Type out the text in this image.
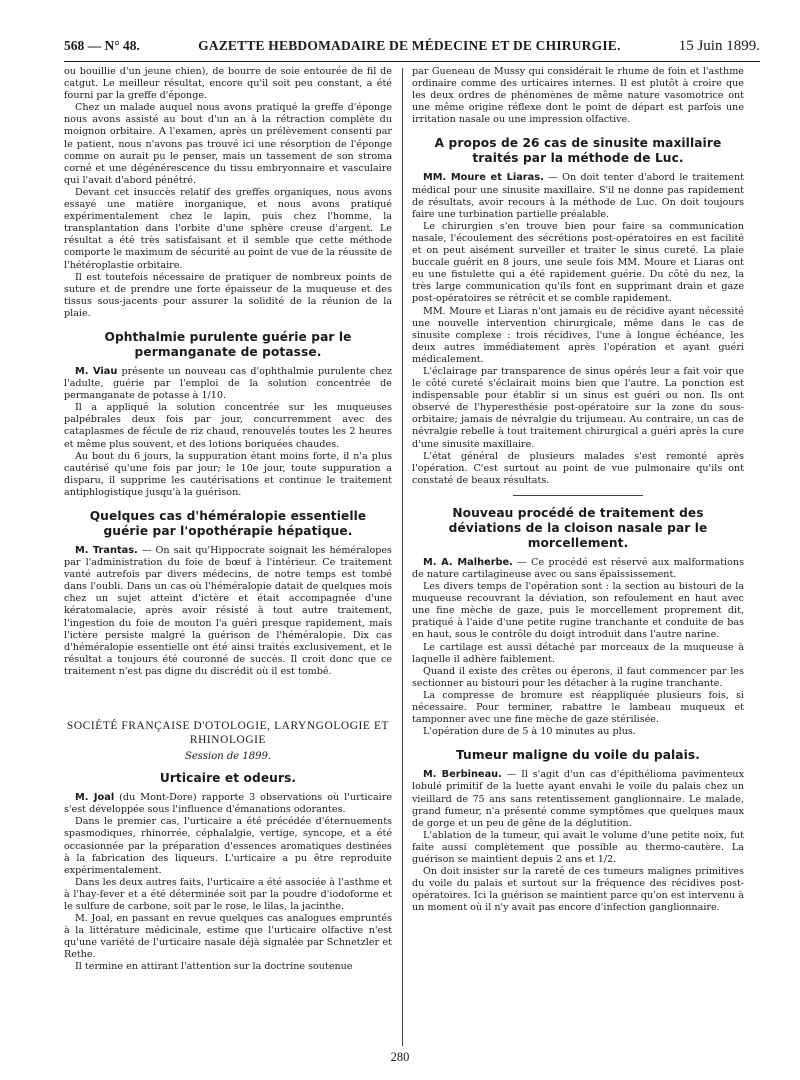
568 — N° 48.	GAZETTE HEBDOMADAIRE DE MÉDECINE ET DE CHIRURGIE.	15 Juin 1899.

ou bouillie d'un jeune chien), de bourre de soie entourée de fil de catgut. Le meilleur résultat, encore qu'il soit peu constant, a été fourni par la greffe d'éponge.

Chez un malade auquel nous avons pratiqué la greffe d'éponge nous avons assisté au bout d'un an à la rétraction complète du moignon orbitaire. A l'examen, après un prélèvement consenti par le patient, nous n'avons pas trouvé ici une résorption de l'éponge comme on aurait pu le penser, mais un tassement de son stroma corné et une dégénérescence du tissu embryonnaire et vasculaire qui l'avait d'abord pénétré.

Devant cet insuccès relatif des greffes organiques, nous avons essayé une matière inorganique, et nous avons pratiqué expérimentalement chez le lapin, puis chez l'homme, la transplantation dans l'orbite d'une sphère creuse d'argent. Le résultat a été très satisfaisant et il semble que cette méthode comporte le maximum de sécurité au point de vue de la réussite de l'hétéroplastie orbitaire.

Il est toutefois nécessaire de pratiquer de nombreux points de suture et de prendre une forte épaisseur de la muqueuse et des tissus sous-jacents pour assurer la solidité de la réunion de la plaie.

Ophthalmie purulente guérie par le permanganate de potasse.

M. Viau présente un nouveau cas d'ophthalmie purulente chez l'adulte, guérie par l'emploi de la solution concentrée de permanganate de potasse à 1/10.

Il a appliqué la solution concentrée sur les muqueuses palpébrales deux fois par jour, concurremment avec des cataplasmes de fécule de riz chaud, renouvelés toutes les 2 heures et même plus souvent, et des lotions boriquées chaudes.

Au bout du 6 jours, la suppuration étant moins forte, il n'a plus cautérisé qu'une fois par jour; le 10e jour, toute suppuration a disparu, il supprime les cautérisations et continue le traitement antiphlogistique jusqu'à la guérison.

Quelques cas d'héméralopie essentielle guérie par l'opothérapie hépatique.

M. Trantas. — On sait qu'Hippocrate soignait les héméralopes par l'administration du foie de bœuf à l'intérieur. Ce traitement vanté autrefois par divers médecins, de notre temps est tombé dans l'oubli. Dans un cas où l'héméralopie datait de quelques mois chez un sujet atteint d'ictère et était accompagnée d'une kératomalacie, après avoir résisté à tout autre traitement, l'ingestion du foie de mouton l'a guéri presque rapidement, mais l'ictère persiste malgré la guérison de l'héméralopie. Dix cas d'héméralopie essentielle ont été ainsi traités exclusivement, et le résultat a toujours été couronné de succès. Il croit donc que ce traitement n'est pas digne du discrédit où il est tombé.

SOCIÉTÉ FRANÇAISE D'OTOLOGIE, LARYNGOLOGIE ET RHINOLOGIE
Session de 1899.
Urticaire et odeurs.

M. Joal (du Mont-Dore) rapporte 3 observations où l'urticaire s'est développée sous l'influence d'émanations odorantes.

Dans le premier cas, l'urticaire a été précédée d'éternuements spasmodiques, rhinorrée, céphalalgie, vertige, syncope, et a été occasionnée par la préparation d'essences aromatiques destinées à la fabrication des liqueurs. L'urticaire a pu être reproduite expérimentalement.

Dans les deux autres faits, l'urticaire a été associée à l'asthme et à l'hay-fever et a été déterminée soit par la poudre d'iodoforme et le sulfure de carbone, soit par le rose, le lilas, la jacinthe.

M. Joal, en passant en revue quelques cas analogues empruntés à la littérature médicinale, estime que l'urticaire olfactive n'est qu'une variété de l'urticaire nasale déjà signalée par Schnetzler et Rethe.

Il termine en attirant l'attention sur la doctrine soutenue

par Gueneau de Mussy qui considérait le rhume de foin et l'asthme ordinaire comme des urticaires internes. Il est plutôt à croire que les deux ordres de phénomènes de même nature vasomotrice ont une même origine réflexe dont le point de départ est parfois une irritation nasale ou une impression olfactive.

A propos de 26 cas de sinusite maxillaire traités par la méthode de Luc.

MM. Moure et Liaras. — On doit tenter d'abord le traitement médical pour une sinusite maxillaire. S'il ne donne pas rapidement de résultats, avoir recours à la méthode de Luc. On doit toujours faire une turbination partielle préalable.

Le chirurgien s'en trouve bien pour faire sa communication nasale, l'écoulement des sécrétions post-opératoires en est facilité et on peut aisément surveiller et traiter le sinus cureté. La plaie buccale guérit en 8 jours, une seule fois MM. Moure et Liaras ont eu une fistulette qui a été rapidement guérie. Du côté du nez, la très large communication qu'ils font en supprimant drain et gaze post-opératoires se rétrécit et se comble rapidement.

MM. Moure et Liaras n'ont jamais eu de récidive ayant nécessité une nouvelle intervention chirurgicale, même dans le cas de sinusite complexe : trois récidives, l'une à longue échéance, les deux autres immédiatement après l'opération et ayant guéri médicalement.

L'éclairage par transparence de sinus opérés leur a fait voir que le côté cureté s'éclairait moins bien que l'autre. La ponction est indispensable pour établir si un sinus est guéri ou non. Ils ont observé de l'hyperesthésie post-opératoire sur la zone du sous-orbitaire; jamais de névralgie du trijumeau. Au contraire, un cas de névralgie rebelle à tout traitement chirurgical a guéri après la cure d'une sinusite maxillaire.

L'état général de plusieurs malades s'est remonté après l'opération. C'est surtout au point de vue pulmonaire qu'ils ont constaté de beaux résultats.

Nouveau procédé de traitement des déviations de la cloison nasale par le morcellement.

M. A. Malherbe. — Ce procédé est réservé aux malformations de nature cartilagineuse avec ou sans épaississement.

Les divers temps de l'opération sont : la section au bistouri de la muqueuse recouvrant la déviation, son refoulement en haut avec une fine mèche de gaze, puis le morcellement proprement dit, pratiqué à l'aide d'une petite rugine tranchante et conduite de bas en haut, sous le contrôle du doigt introduit dans l'autre narine.

Le cartilage est aussi détaché par morceaux de la muqueuse à laquelle il adhère faiblement.

Quand il existe des crêtes ou éperons, il faut commencer par les sectionner au bistouri pour les détacher à la rugine tranchante.

La compresse de bromure est réappliquée plusieurs fois, si nécessaire. Pour terminer, rabattre le lambeau muqueux et tamponner avec une fine mèche de gaze stérilisée.

L'opération dure de 5 à 10 minutes au plus.

Tumeur maligne du voile du palais.

M. Berbineau. — Il s'agit d'un cas d'épithélioma pavimenteux lobulé primitif de la luette ayant envahi le voile du palais chez un vieillard de 75 ans sans retentissement ganglionnaire. Le malade, grand fumeur, n'a présenté comme symptômes que quelques maux de gorge et un peu de gêne de la déglutition.

L'ablation de la tumeur, qui avait le volume d'une petite noix, fut faite aussi complètement que possible au thermo-cautère. La guérison se maintient depuis 2 ans et 1/2.

On doit insister sur la rareté de ces tumeurs malignes primitives du voile du palais et surtout sur la fréquence des récidives post-opératoires. Ici la guérison se maintient parce qu'on est intervenu à un moment où il n'y avait pas encore d'infection ganglionnaire.

280
